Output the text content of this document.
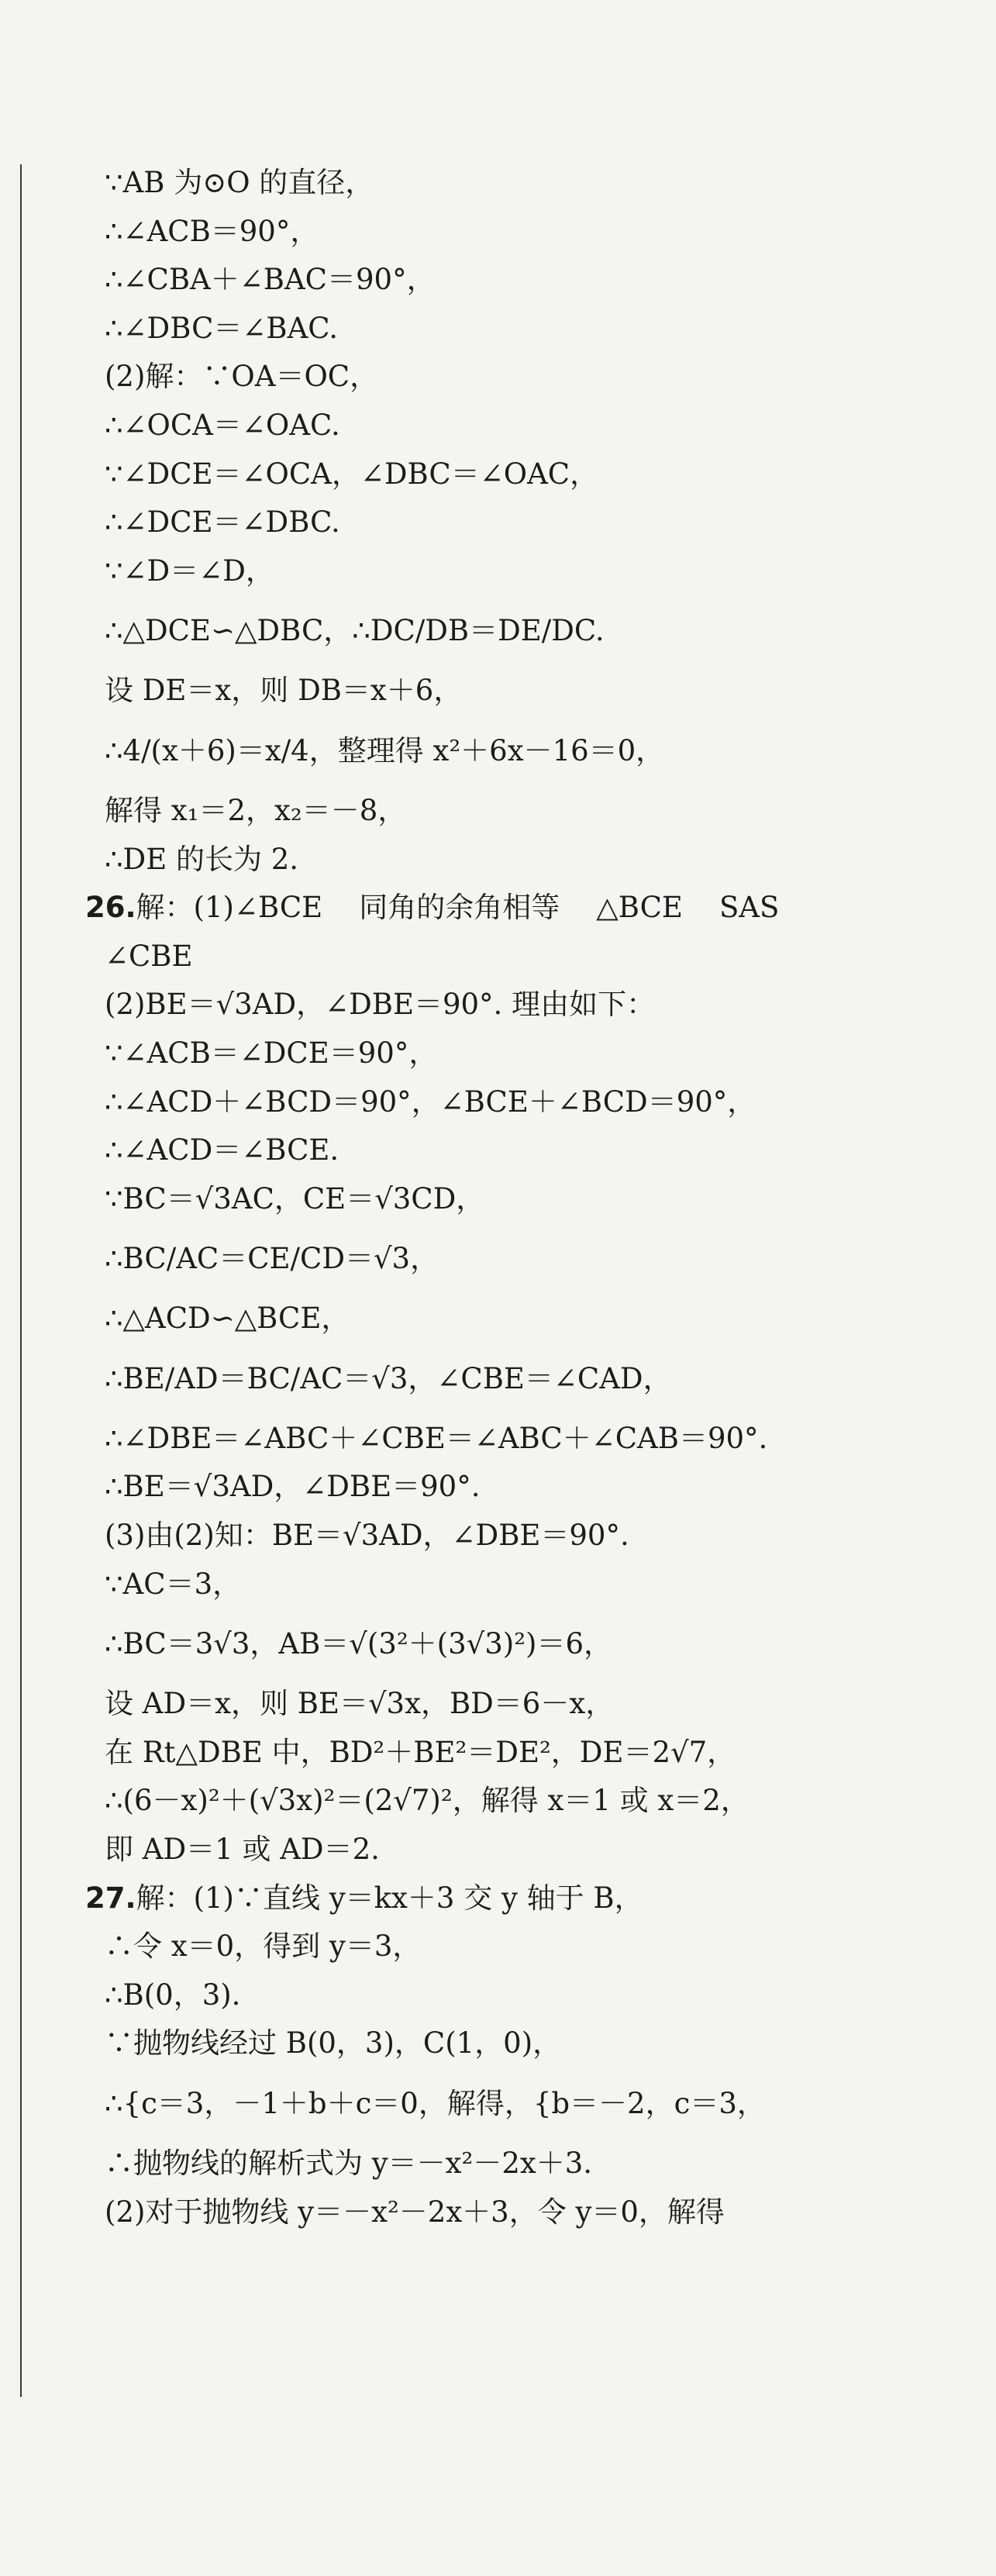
∵AB 为⊙O 的直径，
∴∠ACB＝90°，
∴∠CBA＋∠BAC＝90°，
∴∠DBC＝∠BAC.
(2)解：∵OA＝OC，
∴∠OCA＝∠OAC.
∵∠DCE＝∠OCA，∠DBC＝∠OAC，
∴∠DCE＝∠DBC.
∵∠D＝∠D，
∴△DCE∽△DBC，∴DC/DB＝DE/DC.
设 DE＝x，则 DB＝x＋6，
∴4/(x＋6)＝x/4，整理得 x²＋6x－16＝0，
解得 x₁＝2，x₂＝－8，
∴DE 的长为 2.
26.解：(1)∠BCE    同角的余角相等    △BCE    SAS
∠CBE
(2)BE＝√3AD，∠DBE＝90°. 理由如下：
∵∠ACB＝∠DCE＝90°，
∴∠ACD＋∠BCD＝90°，∠BCE＋∠BCD＝90°，
∴∠ACD＝∠BCE.
∵BC＝√3AC，CE＝√3CD，
∴BC/AC＝CE/CD＝√3，
∴△ACD∽△BCE，
∴BE/AD＝BC/AC＝√3，∠CBE＝∠CAD，
∴∠DBE＝∠ABC＋∠CBE＝∠ABC＋∠CAB＝90°.
∴BE＝√3AD，∠DBE＝90°.
(3)由(2)知：BE＝√3AD，∠DBE＝90°.
∵AC＝3，
∴BC＝3√3，AB＝√(3²＋(3√3)²)＝6，
设 AD＝x，则 BE＝√3x，BD＝6－x，
在 Rt△DBE 中，BD²＋BE²＝DE²，DE＝2√7，
∴(6－x)²＋(√3x)²＝(2√7)²，解得 x＝1 或 x＝2，
即 AD＝1 或 AD＝2.
27.解：(1)∵直线 y＝kx＋3 交 y 轴于 B，
∴令 x＝0，得到 y＝3，
∴B(0，3).
∵抛物线经过 B(0，3)，C(1，0)，
∴{c＝3，－1＋b＋c＝0，解得，{b＝－2，c＝3，
∴抛物线的解析式为 y＝－x²－2x＋3.
(2)对于抛物线 y＝－x²－2x＋3，令 y＝0，解得
